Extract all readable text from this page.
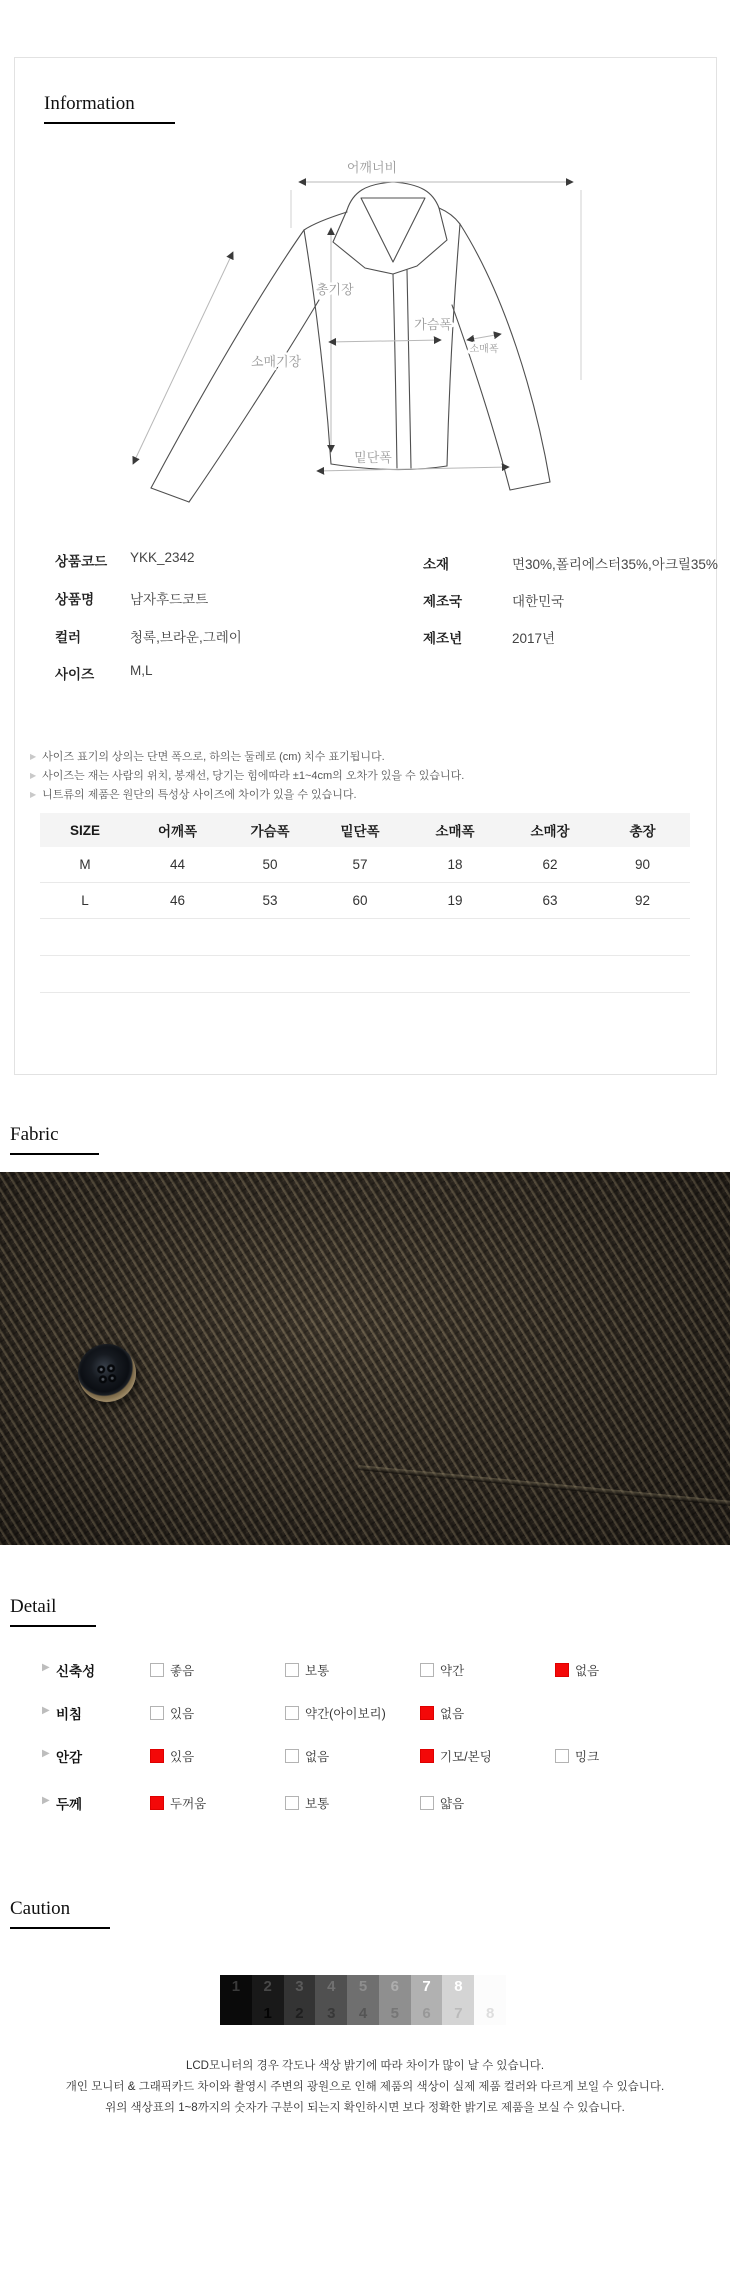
Information
어깨너비
총기장
가슴폭
소매폭
소매기장
밑단폭
상품코드 YKK_2342
상품명	남자후드코트
컬러	청록,브라운,그레이
사이즈	M,L
소재	면30%,폴리에스터35%,아크릴35%
제조국	대한민국
제조년	2017년
▶ 사이즈 표기의 상의는 단면 폭으로, 하의는 둘레로 (cm) 치수 표기됩니다.
▶ 사이즈는 재는 사람의 위치, 봉재선, 당기는 힘에따라 ±1~4cm의 오차가 있을 수 있습니다.
▶ 니트류의 제품은 원단의 특성상 사이즈에 차이가 있을 수 있습니다.
SIZE	어깨폭	가슴폭	밑단폭	소매폭	소매장	총장
M	44	50	57	18	62	90
L	46	53	60	19	63	92

Fabric
Detail
▶ 신축성	좋음	보통	약간	없음
▶ 비침	있음	약간(아이보리)	없음
▶ 안감	있음	없음	기모/본딩	밍크
▶ 두께	두꺼움	보통	얇음
Caution
1	2
1
3
2
4
3
5
4
6
5
7
6
8
7	8
LCD모니터의 경우 각도나 색상 밝기에 따라 차이가 많이 날 수 있습니다.
개인 모니터 & 그래픽카드 차이와 촬영시 주변의 광원으로 인해 제품의 색상이 실제 제품 컬러와 다르게 보일 수 있습니다.
위의 색상표의 1~8까지의 숫자가 구분이 되는지 확인하시면 보다 정확한 밝기로 제품을 보실 수 있습니다.
